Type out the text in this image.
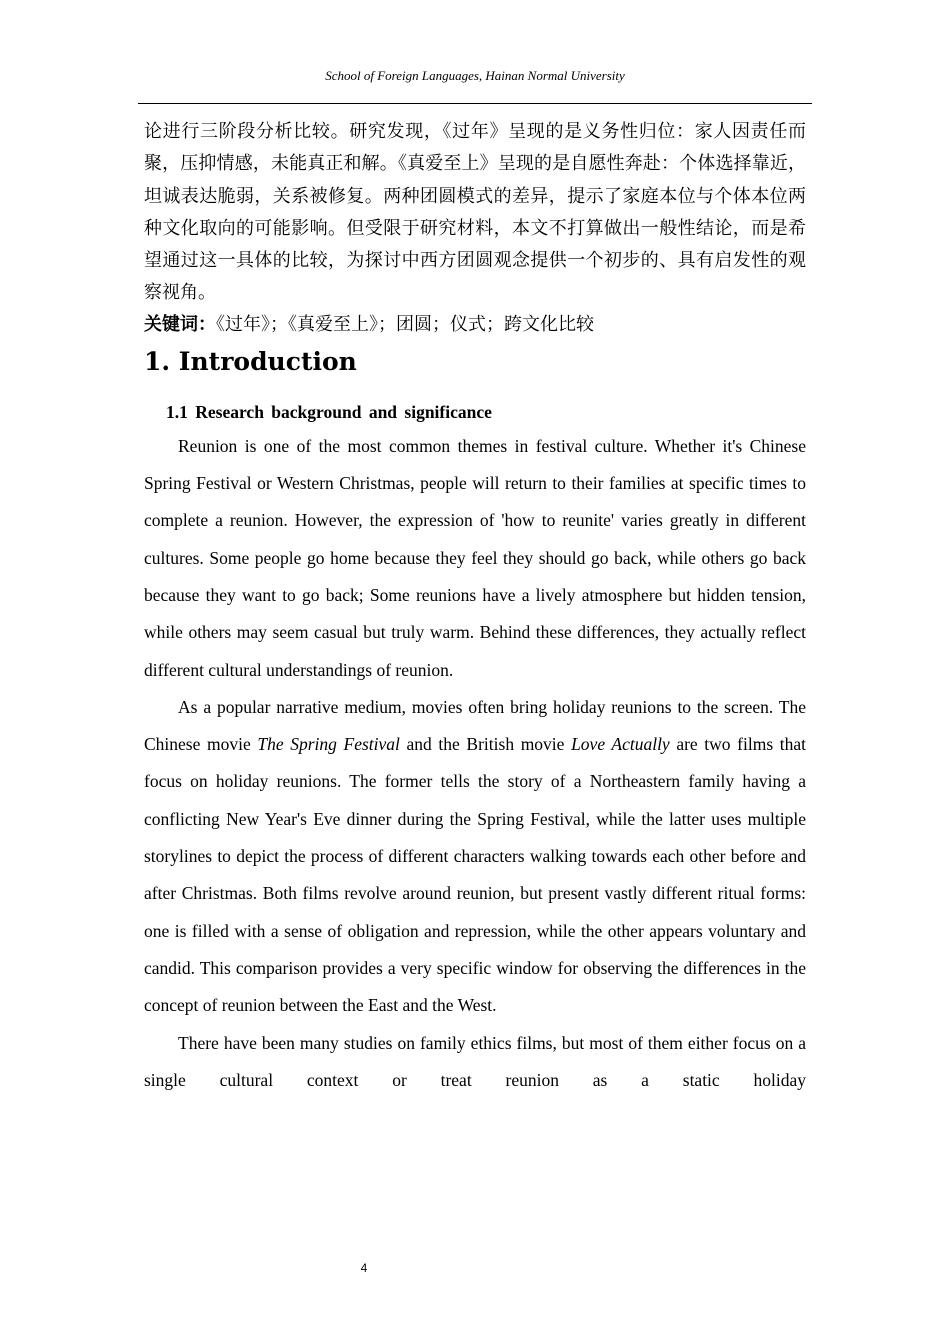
School of Foreign Languages, Hainan Normal University

论进行三阶段分析比较。研究发现，《过年》呈现的是义务性归位：家人因责任而聚，压抑情感，未能真正和解。《真爱至上》呈现的是自愿性奔赴：个体选择靠近，坦诚表达脆弱，关系被修复。两种团圆模式的差异，提示了家庭本位与个体本位两种文化取向的可能影响。但受限于研究材料，本文不打算做出一般性结论，而是希望通过这一具体的比较，为探讨中西方团圆观念提供一个初步的、具有启发性的观察视角。

关键词：《过年》；《真爱至上》；团圆；仪式；跨文化比较

1. Introduction
1.1 Research background and significance

Reunion is one of the most common themes in festival culture. Whether it's Chinese Spring Festival or Western Christmas, people will return to their families at specific times to complete a reunion. However, the expression of 'how to reunite' varies greatly in different cultures. Some people go home because they feel they should go back, while others go back because they want to go back; Some reunions have a lively atmosphere but hidden tension, while others may seem casual but truly warm. Behind these differences, they actually reflect different cultural understandings of reunion.

As a popular narrative medium, movies often bring holiday reunions to the screen. The Chinese movie The Spring Festival and the British movie Love Actually are two films that focus on holiday reunions. The former tells the story of a Northeastern family having a conflicting New Year's Eve dinner during the Spring Festival, while the latter uses multiple storylines to depict the process of different characters walking towards each other before and after Christmas. Both films revolve around reunion, but present vastly different ritual forms: one is filled with a sense of obligation and repression, while the other appears voluntary and candid. This comparison provides a very specific window for observing the differences in the concept of reunion between the East and the West.

There have been many studies on family ethics films, but most of them either focus on a single cultural context or treat reunion as a static holiday

4
